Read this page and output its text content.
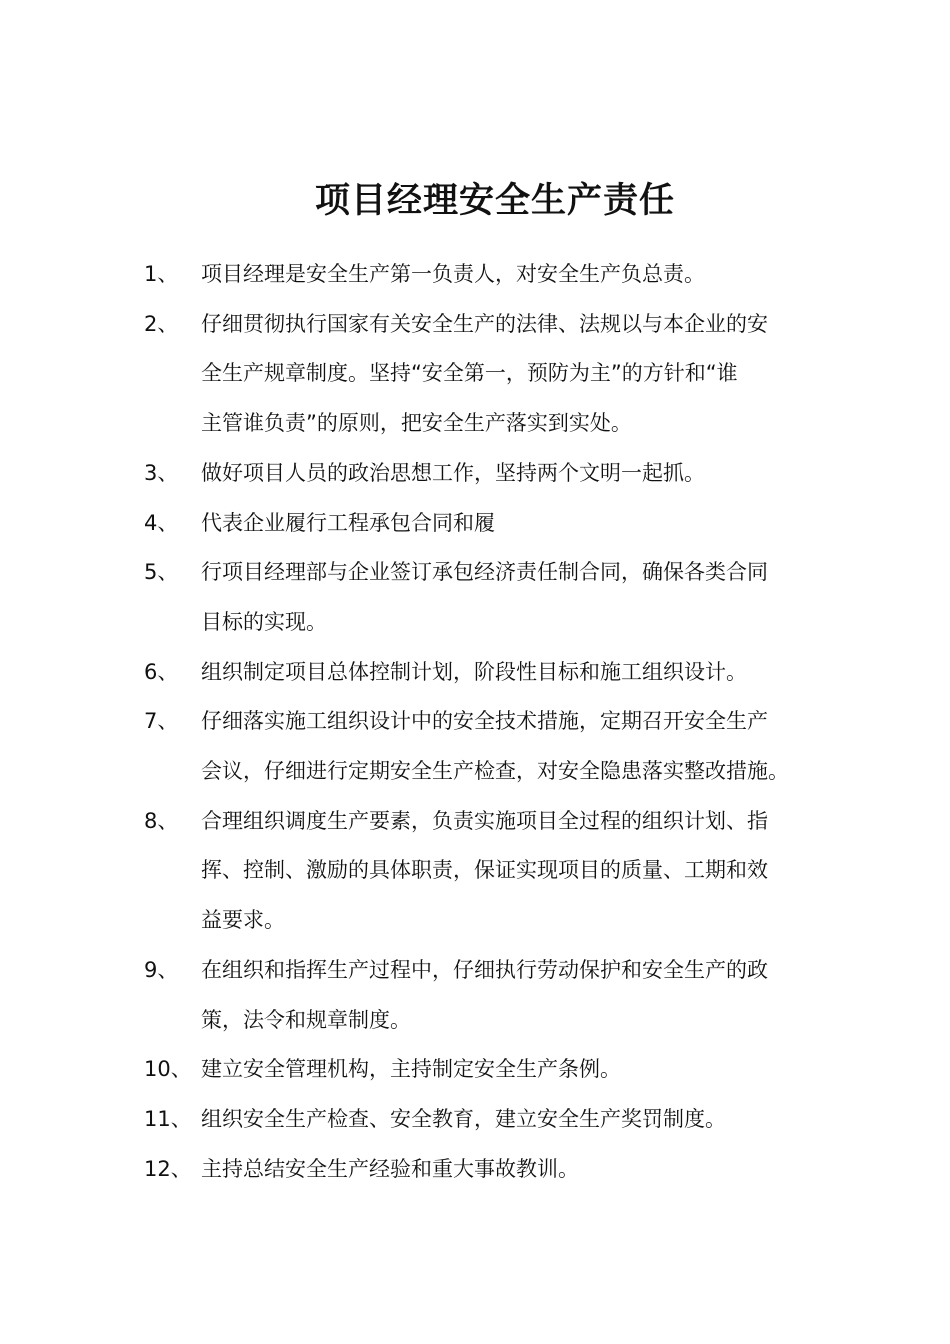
项目经理安全生产责任
1、	项目经理是安全生产第一负责人，对安全生产负总责。
2、	仔细贯彻执行国家有关安全生产的法律、法规以与本企业的安
全生产规章制度。坚持“安全第一，预防为主”的方针和“谁
主管谁负责”的原则，把安全生产落实到实处。
3、	做好项目人员的政治思想工作，坚持两个文明一起抓。
4、	代表企业履行工程承包合同和履
5、	行项目经理部与企业签订承包经济责任制合同，确保各类合同
目标的实现。
6、	组织制定项目总体控制计划，阶段性目标和施工组织设计。
7、	仔细落实施工组织设计中的安全技术措施，定期召开安全生产
会议，仔细进行定期安全生产检查，对安全隐患落实整改措施。
8、	合理组织调度生产要素，负责实施项目全过程的组织计划、指
挥、控制、激励的具体职责，保证实现项目的质量、工期和效
益要求。
9、	在组织和指挥生产过程中，仔细执行劳动保护和安全生产的政
策，法令和规章制度。
10、 建立安全管理机构，主持制定安全生产条例。
11、 组织安全生产检查、安全教育，建立安全生产奖罚制度。
12、 主持总结安全生产经验和重大事故教训。
